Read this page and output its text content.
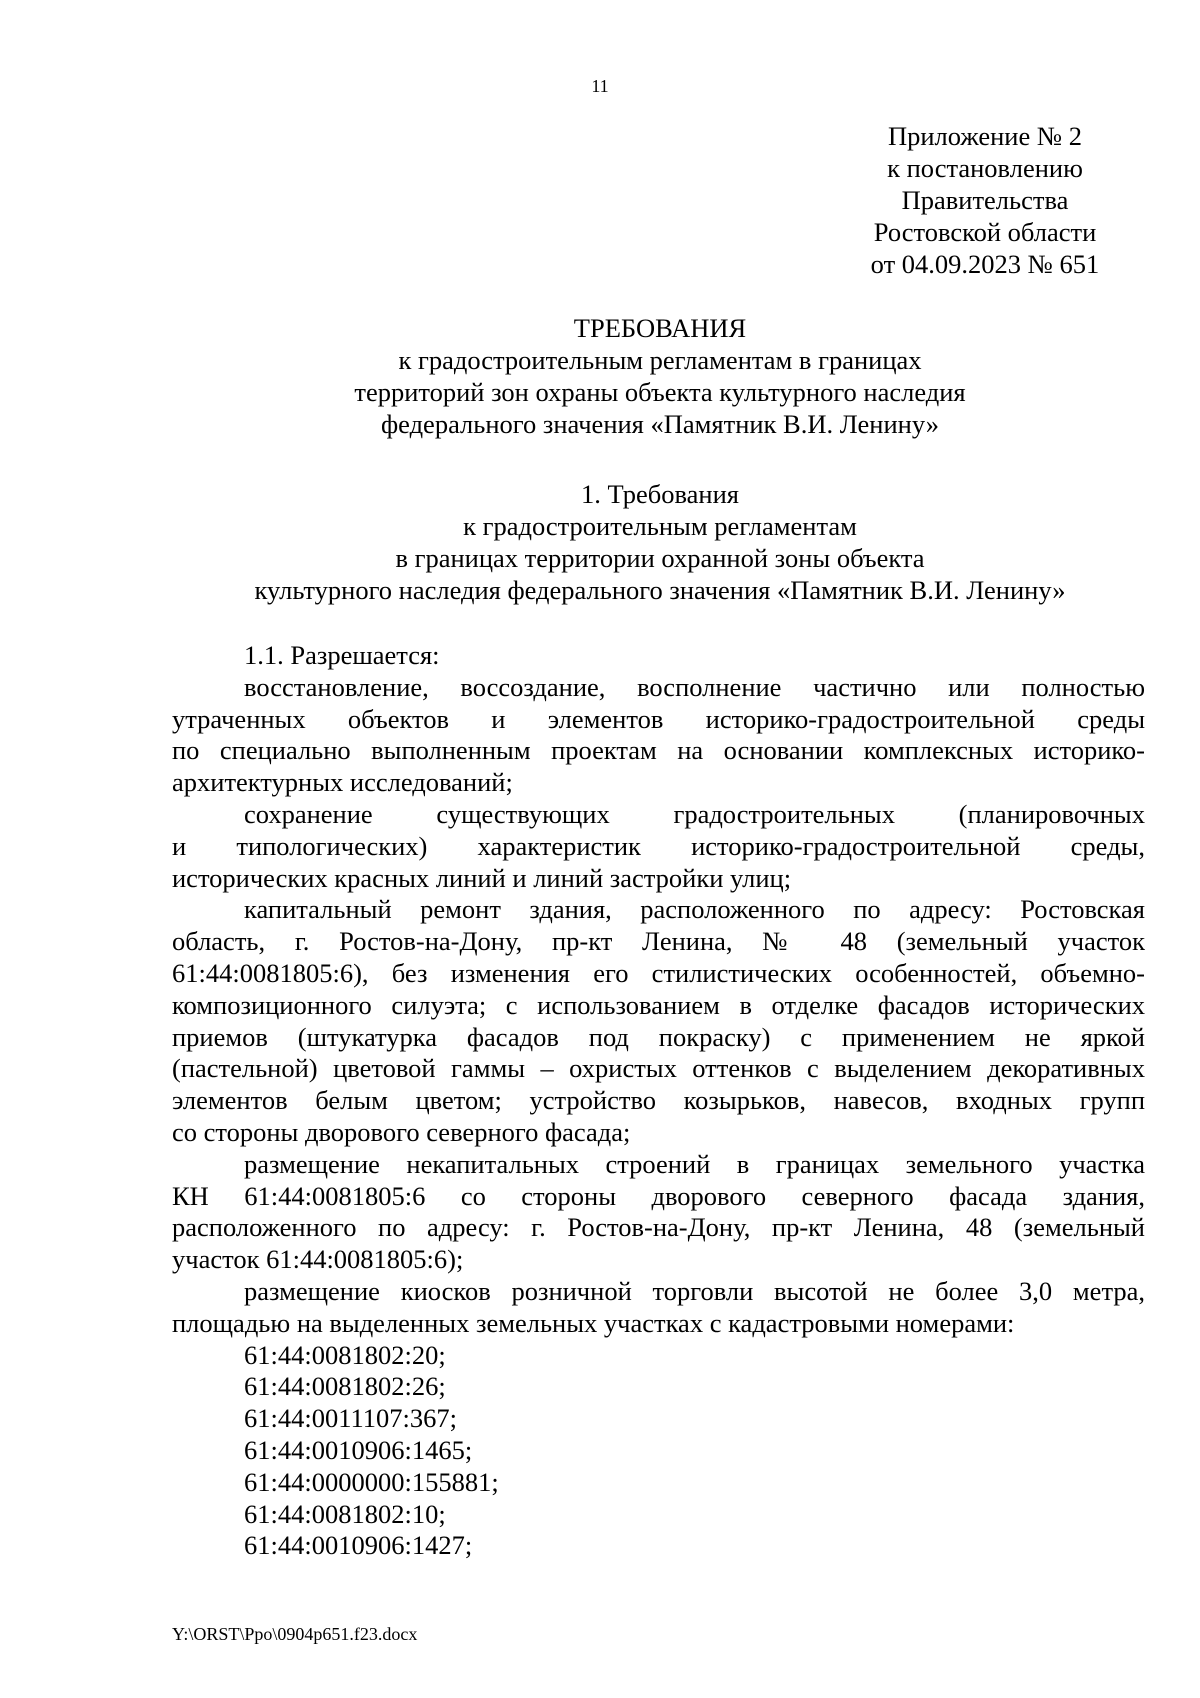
11
Приложение № 2
к постановлению
Правительства
Ростовской области
от 04.09.2023 № 651
ТРЕБОВАНИЯ
к градостроительным регламентам в границах
территорий зон охраны объекта культурного наследия
федерального значения «Памятник В.И. Ленину»
1. Требования
к градостроительным регламентам
в границах территории охранной зоны объекта
культурного наследия федерального значения «Памятник В.И. Ленину»
1.1. Разрешается:
восстановление, воссоздание, восполнение частично или полностью
утраченных объектов и элементов историко-градостроительной среды
по специально выполненным проектам на основании комплексных историко-
архитектурных исследований;
сохранение существующих градостроительных (планировочных
и типологических) характеристик историко-градостроительной среды,
исторических красных линий и линий застройки улиц;
капитальный ремонт здания, расположенного по адресу: Ростовская
область, г. Ростов-на-Дону, пр-кт Ленина, № 48 (земельный участок
61:44:0081805:6), без изменения его стилистических особенностей, объемно-
композиционного силуэта; с использованием в отделке фасадов исторических
приемов (штукатурка фасадов под покраску) с применением не яркой
(пастельной) цветовой гаммы – охристых оттенков с выделением декоративных
элементов белым цветом; устройство козырьков, навесов, входных групп
со стороны дворового северного фасада;
размещение некапитальных строений в границах земельного участка
КН 61:44:0081805:6 со стороны дворового северного фасада здания,
расположенного по адресу: г. Ростов-на-Дону, пр-кт Ленина, 48 (земельный
участок 61:44:0081805:6);
размещение киосков розничной торговли высотой не более 3,0 метра,
площадью на выделенных земельных участках с кадастровыми номерами:
61:44:0081802:20;
61:44:0081802:26;
61:44:0011107:367;
61:44:0010906:1465;
61:44:0000000:155881;
61:44:0081802:10;
61:44:0010906:1427;
Y:\ORST\Ppo\0904p651.f23.docx
